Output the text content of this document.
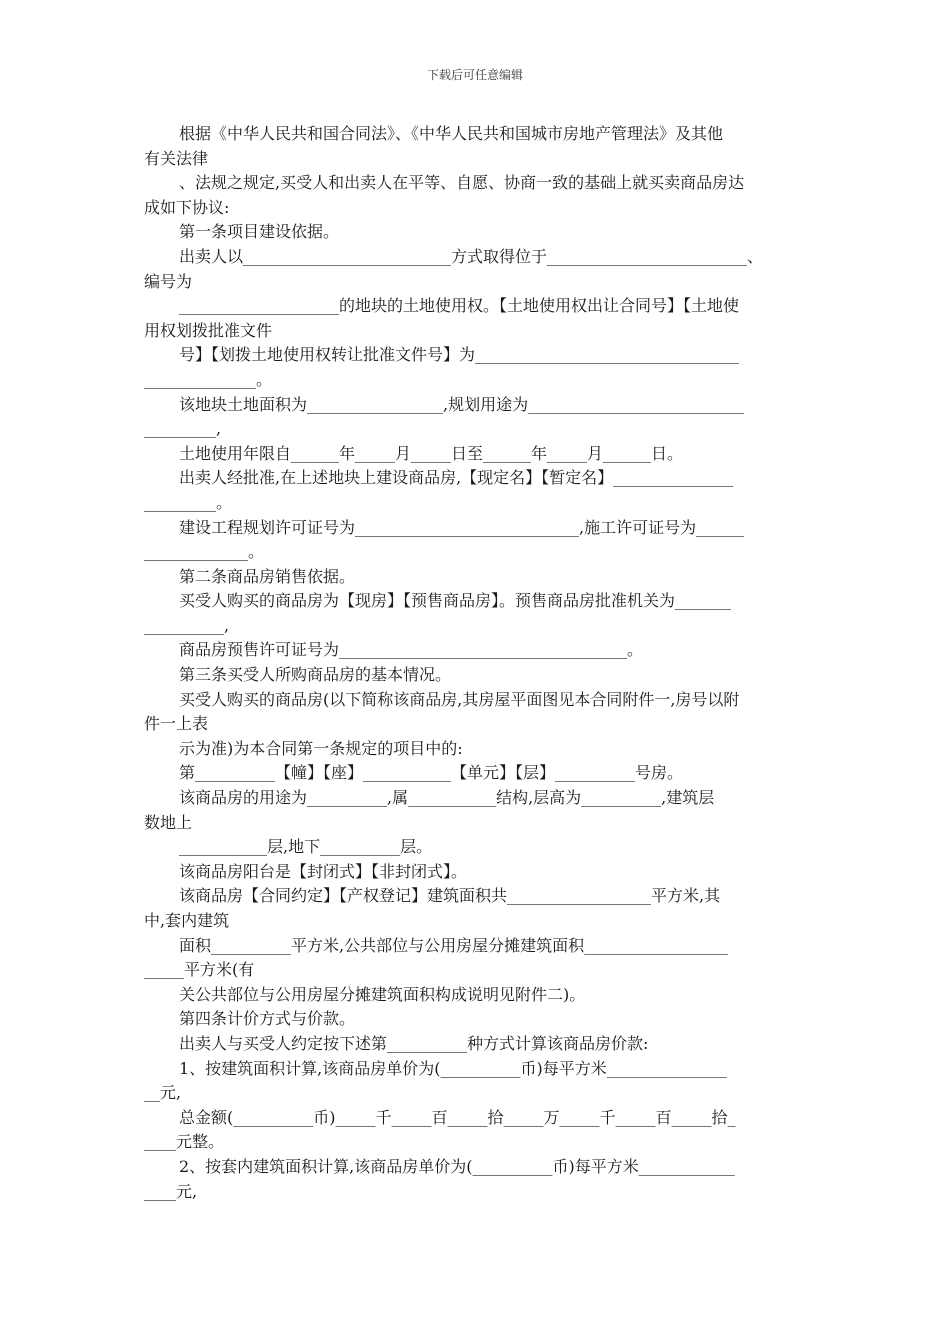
下载后可任意编辑
根据《中华人民共和国合同法》、《中华人民共和国城市房地产管理法》及其他
有关法律
、法规之规定,买受人和出卖人在平等、自愿、协商一致的基础上就买卖商品房达
成如下协议:
第一条项目建设依据。
出卖人以__________________________方式取得位于_________________________、
编号为
____________________的地块的土地使用权。【土地使用权出让合同号】【土地使
用权划拨批准文件
号】【划拨土地使用权转让批准文件号】为_________________________________
______________。
该地块土地面积为_________________,规划用途为___________________________
_________,
土地使用年限自______年_____月_____日至______年_____月______日。
出卖人经批准,在上述地块上建设商品房,【现定名】【暂定名】_______________
_________。
建设工程规划许可证号为____________________________,施工许可证号为______
_____________。
第二条商品房销售依据。
买受人购买的商品房为【现房】【预售商品房】。预售商品房批准机关为_______
__________,
商品房预售许可证号为____________________________________。
第三条买受人所购商品房的基本情况。
买受人购买的商品房(以下简称该商品房,其房屋平面图见本合同附件一,房号以附
件一上表
示为准)为本合同第一条规定的项目中的:
第__________【幢】【座】___________【单元】【层】__________号房。
该商品房的用途为__________,属___________结构,层高为__________,建筑层
数地上
___________层,地下__________层。
该商品房阳台是【封闭式】【非封闭式】。
该商品房【合同约定】【产权登记】建筑面积共__________________平方米,其
中,套内建筑
面积__________平方米,公共部位与公用房屋分摊建筑面积__________________
_____平方米(有
关公共部位与公用房屋分摊建筑面积构成说明见附件二)。
第四条计价方式与价款。
出卖人与买受人约定按下述第__________种方式计算该商品房价款:
1、按建筑面积计算,该商品房单价为(__________币)每平方米_______________
__元,
总金额(__________币)_____千_____百_____拾_____万_____千_____百_____拾_
____元整。
2、按套内建筑面积计算,该商品房单价为(__________币)每平方米____________
____元,
